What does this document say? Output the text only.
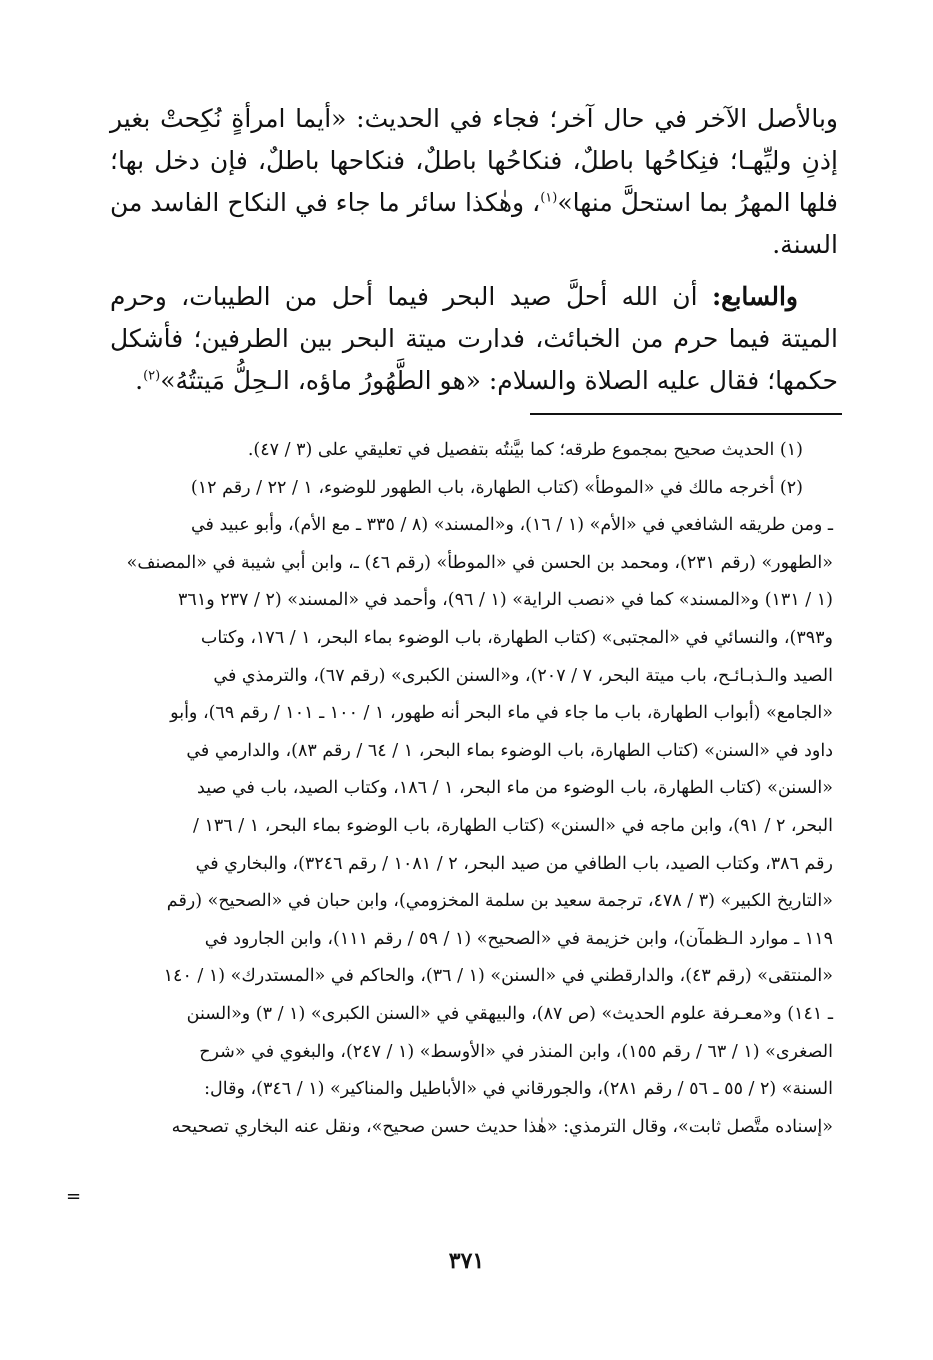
وبالأصل الآخر في حال آخر؛ فجاء في الحديث: «أيما امرأةٍ نُكِحتْ بغير إذنِ وليِّهـا؛ فنِكاحُها باطلٌ، فنكاحُها باطلٌ، فنكاحها باطلٌ، فإن دخل بها؛ فلها المهرُ بما استحلَّ منها»$^{(١)}$، وهٰكذا سائر ما جاء في النكاح الفاسد من السنة.

والسابع: أن الله أحلَّ صيد البحر فيما أحل من الطيبات، وحرم الميتة فيما حرم من الخبائث، فدارت ميتة البحر بين الطرفين؛ فأشكل حكمها؛ فقال عليه الصلاة والسلام: «هو الطَّهُورُ ماؤه، الـحِلُّ مَيتتُهُ»$^{(٢)}$.

(١) الحديث صحيح بمجموع طرقه؛ كما بيَّنتُه بتفصيل في تعليقي على (٣ / ٤٧).

(٢) أخرجه مالك في «الموطأ» (كتاب الطهارة، باب الطهور للوضوء، ١ / ٢٢ / رقم ١٢)

ـ ومن طريقه الشافعي في «الأم» (١ / ١٦)، و«المسند» (٨ / ٣٣٥ ـ مع الأم)، وأبو عبيد في

«الطهور» (رقم ٢٣١)، ومحمد بن الحسن في «الموطأ» (رقم ٤٦) ـ، وابن أبي شيبة في «المصنف»

(١ / ١٣١) و«المسند» كما في «نصب الراية» (١ / ٩٦)، وأحمد في «المسند» (٢ / ٢٣٧ و٣٦١

و٣٩٣)، والنسائي في «المجتبى» (كتاب الطهارة، باب الوضوء بماء البحر، ١ / ١٧٦، وكتاب

الصيد والـذبـائـح، باب ميتة البحر، ٧ / ٢٠٧)، و«السنن الكبرى» (رقم ٦٧)، والترمذي في

«الجامع» (أبواب الطهارة، باب ما جاء في ماء البحر أنه طهور، ١ / ١٠٠ ـ ١٠١ / رقم ٦٩)، وأبو

داود في «السنن» (كتاب الطهارة، باب الوضوء بماء البحر، ١ / ٦٤ / رقم ٨٣)، والدارمي في

«السنن» (كتاب الطهارة، باب الوضوء من ماء البحر، ١ / ١٨٦، وكتاب الصيد، باب في صيد

البحر، ٢ / ٩١)، وابن ماجه في «السنن» (كتاب الطهارة، باب الوضوء بماء البحر، ١ / ١٣٦ /

رقم ٣٨٦، وكتاب الصيد، باب الطافي من صيد البحر، ٢ / ١٠٨١ / رقم ٣٢٤٦)، والبخاري في

«التاريخ الكبير» (٣ / ٤٧٨، ترجمة سعيد بن سلمة المخزومي)، وابن حبان في «الصحيح» (رقم

١١٩ ـ موارد الـظمآن)، وابن خزيمة في «الصحيح» (١ / ٥٩ / رقم ١١١)، وابن الجارود في

«المنتقى» (رقم ٤٣)، والدارقطني في «السنن» (١ / ٣٦)، والحاكم في «المستدرك» (١ / ١٤٠

ـ ١٤١) و«معـرفة علوم الحديث» (ص ٨٧)، والبيهقي في «السنن الكبرى» (١ / ٣) و«السنن

الصغرى» (١ / ٦٣ / رقم ١٥٥)، وابن المنذر في «الأوسط» (١ / ٢٤٧)، والبغوي في «شرح

السنة» (٢ / ٥٥ ـ ٥٦ / رقم ٢٨١)، والجورقاني في «الأباطيل والمناكير» (١ / ٣٤٦)، وقال:

«إسناده متَّصل ثابت»، وقال الترمذي: «هٰذا حديث حسن صحيح»، ونقل عنه البخاري تصحيحه

=
٣٧١
